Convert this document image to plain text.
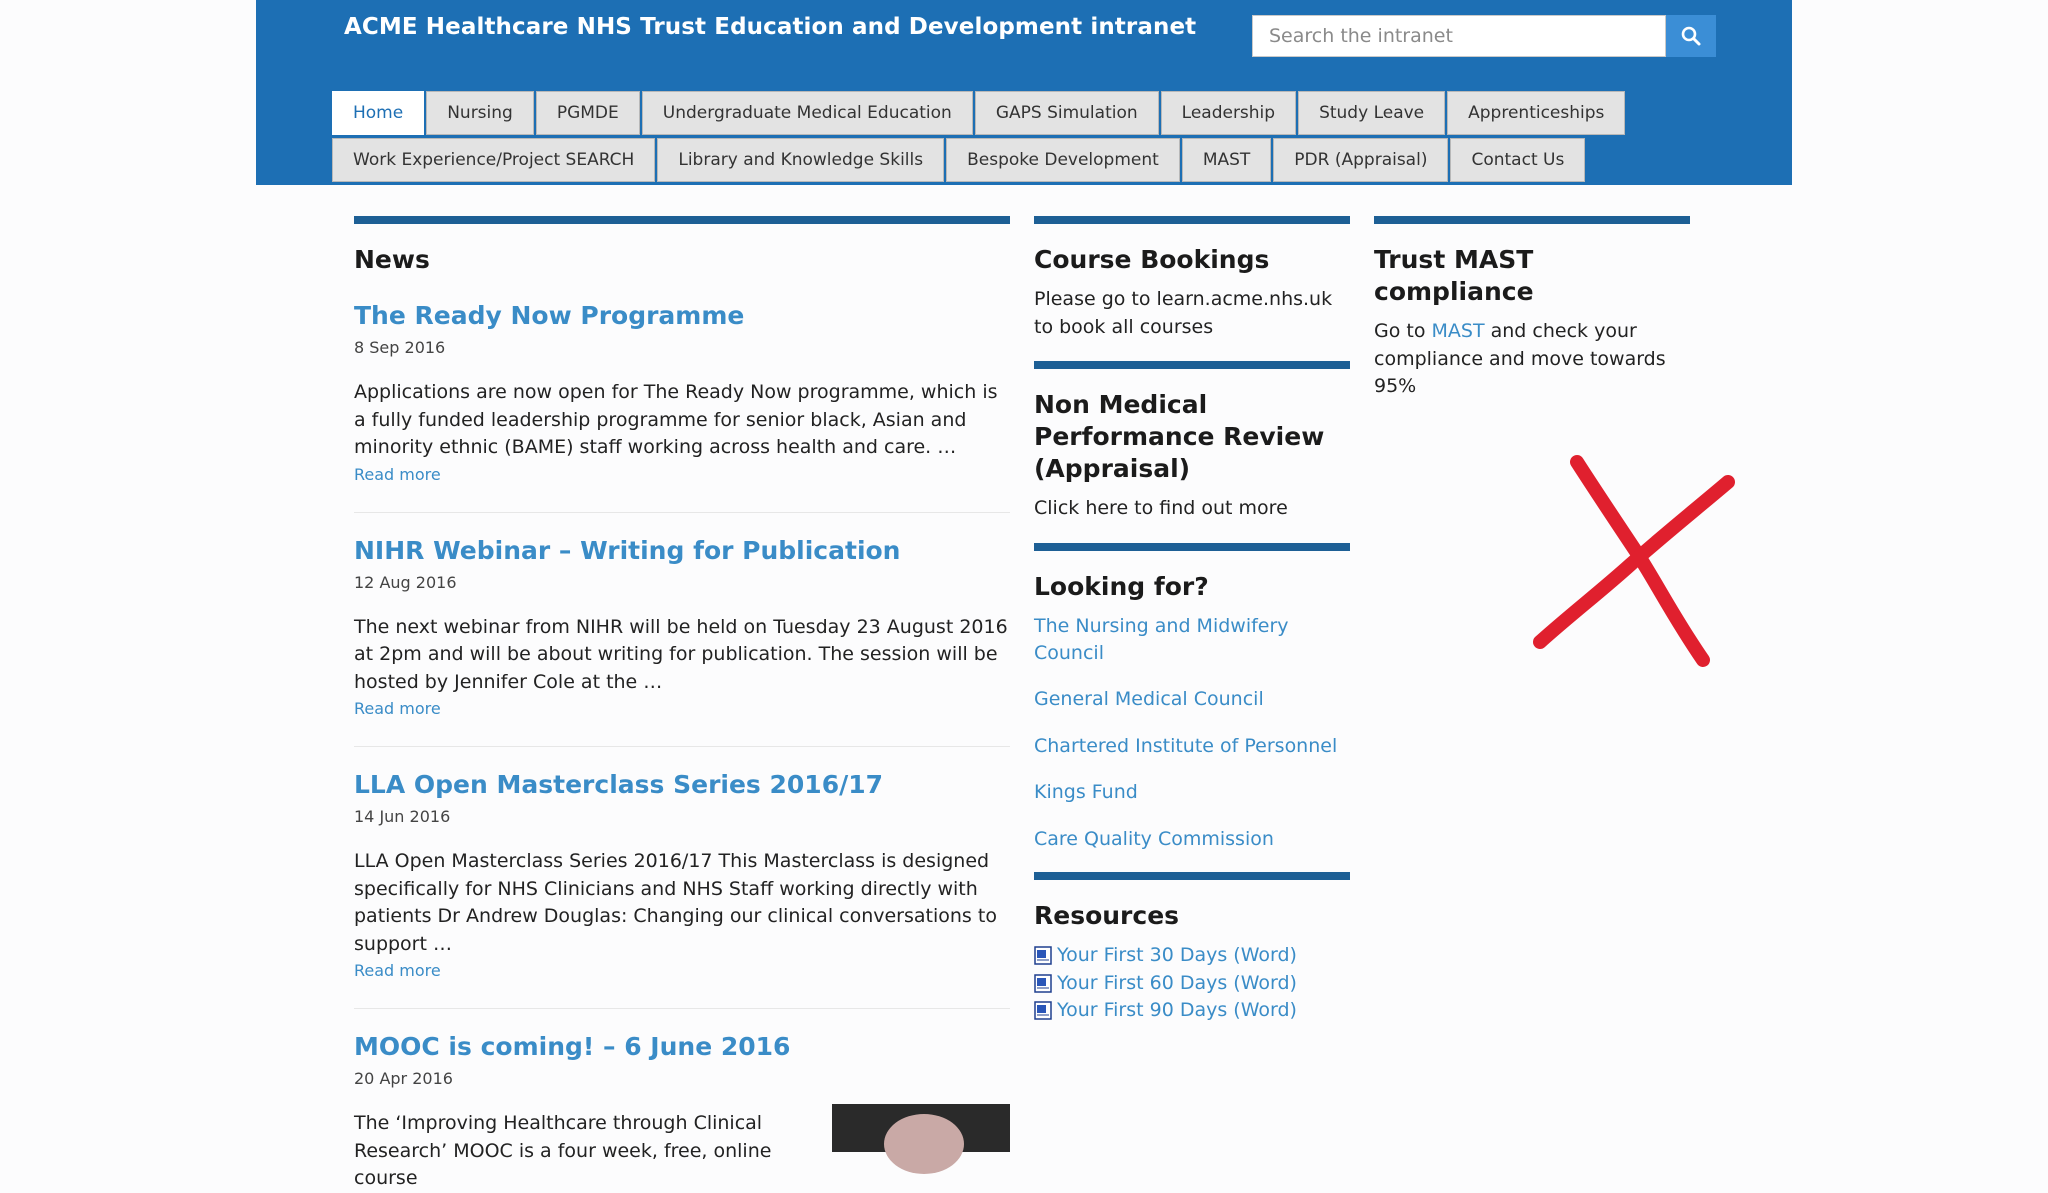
ACME Healthcare NHS Trust Education and Development intranet
Search the intranet
Home	Nursing	PGMDE	Undergraduate Medical Education	GAPS Simulation	Leadership	Study Leave	Apprenticeships
Work Experience/Project SEARCH	Library and Knowledge Skills	Bespoke Development	MAST	PDR (Appraisal)	Contact Us
News
The Ready Now Programme
8 Sep 2016
Applications are now open for The Ready Now programme, which is a fully funded leadership programme for senior black, Asian and minority ethnic (BAME) staff working across health and care. …
Read more
NIHR Webinar – Writing for Publication
12 Aug 2016
The next webinar from NIHR will be held on Tuesday 23 August 2016 at 2pm and will be about writing for publication. The session will be hosted by Jennifer Cole at the …
Read more
LLA Open Masterclass Series 2016/17
14 Jun 2016
LLA Open Masterclass Series 2016/17 This Masterclass is designed specifically for NHS Clinicians and NHS Staff working directly with patients Dr Andrew Douglas: Changing our clinical conversations to support …
Read more
MOOC is coming! – 6 June 2016
20 Apr 2016
The ‘Improving Healthcare through Clinical Research’ MOOC is a four week, free, online course
Course Bookings
Please go to learn.acme.nhs.uk to book all courses
Non Medical Performance Review (Appraisal)
Click here to find out more
Looking for?
The Nursing and Midwifery Council
General Medical Council
Chartered Institute of Personnel
Kings Fund
Care Quality Commission
Resources
Your First 30 Days (Word)
Your First 60 Days (Word)
Your First 90 Days (Word)
Trust MAST compliance
Go to MAST and check your compliance and move towards 95%
